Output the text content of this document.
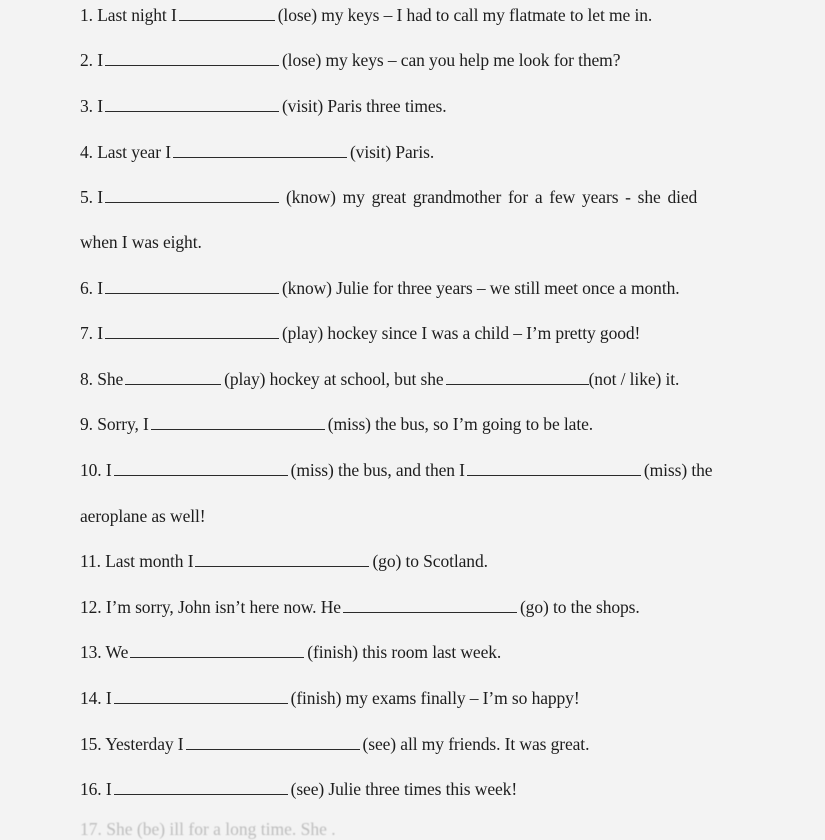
1. Last night I	(lose) my keys – I had to call my flatmate to let me in.
2. I	(lose) my keys – can you help me look for them?
3. I	(visit) Paris three times.
4. Last year I	(visit) Paris.
5. I	(know) my great grandmother for a few years - she died
when I was eight.
6. I	(know) Julie for three years – we still meet once a month.
7. I	(play) hockey since I was a child – I’m pretty good!
8. She	(play) hockey at school, but she	(not / like) it.
9. Sorry, I	(miss) the bus, so I’m going to be late.
10. I	(miss) the bus, and then I	(miss) the
aeroplane as well!
11. Last month I	(go) to Scotland.
12. I’m sorry, John isn’t here now. He	(go) to the shops.
13. We	(finish) this room last week.
14. I	(finish) my exams finally – I’m so happy!
15. Yesterday I	(see) all my friends. It was great.
16. I	(see) Julie three times this week!
17. She (be) ill for a long time. She .
